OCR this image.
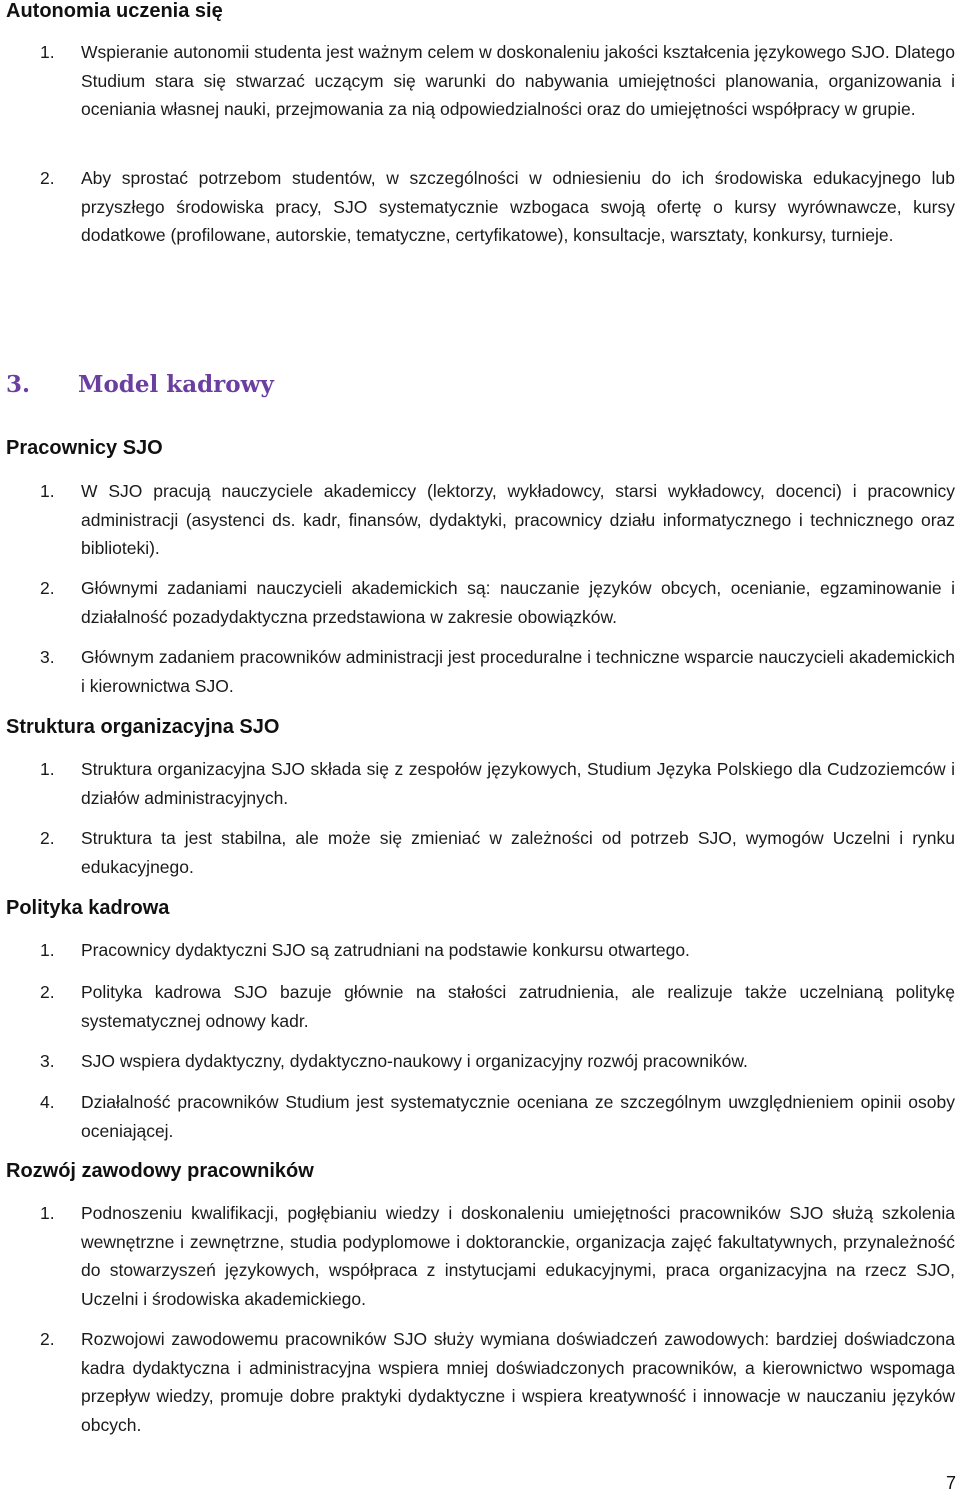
Autonomia uczenia się
1.	Wspieranie autonomii studenta jest ważnym celem w doskonaleniu jakości kształcenia językowego SJO. Dlatego Studium stara się stwarzać uczącym się warunki do nabywania umiejętności planowania, organizowania i oceniania własnej nauki, przejmowania za nią odpowiedzialności oraz do umiejętności współpracy w grupie.

2.	Aby sprostać potrzebom studentów, w szczególności w odniesieniu do ich środowiska edukacyjnego lub przyszłego środowiska pracy, SJO systematycznie wzbogaca swoją ofertę o kursy wyrównawcze, kursy dodatkowe (profilowane, autorskie, tematyczne, certyfikatowe), konsultacje, warsztaty, konkursy, turnieje.

3. Model kadrowy
Pracownicy SJO
1.	W SJO pracują nauczyciele akademiccy (lektorzy, wykładowcy, starsi wykładowcy, docenci) i pracownicy administracji (asystenci ds. kadr, finansów, dydaktyki, pracownicy działu informatycznego i technicznego oraz biblioteki).

2.	Głównymi zadaniami nauczycieli akademickich są: nauczanie języków obcych, ocenianie, egzaminowanie i działalność pozadydaktyczna przedstawiona w zakresie obowiązków.

3.	Głównym zadaniem pracowników administracji jest proceduralne i techniczne wsparcie nauczycieli akademickich i kierownictwa SJO.

Struktura organizacyjna SJO
1.	Struktura organizacyjna SJO składa się z zespołów językowych, Studium Języka Polskiego dla Cudzoziemców i działów administracyjnych.

2.	Struktura ta jest stabilna, ale może się zmieniać w zależności od potrzeb SJO, wymogów Uczelni i rynku edukacyjnego.

Polityka kadrowa
1.	Pracownicy dydaktyczni SJO są zatrudniani na podstawie konkursu otwartego.

2.	Polityka kadrowa SJO bazuje głównie na stałości zatrudnienia, ale realizuje także uczelnianą politykę systematycznej odnowy kadr.

3.	SJO wspiera dydaktyczny, dydaktyczno-naukowy i organizacyjny rozwój pracowników.

4.	Działalność pracowników Studium jest systematycznie oceniana ze szczególnym uwzględnieniem opinii osoby oceniającej.

Rozwój zawodowy pracowników
1.	Podnoszeniu kwalifikacji, pogłębianiu wiedzy i doskonaleniu umiejętności pracowników SJO służą szkolenia wewnętrzne i zewnętrzne, studia podyplomowe i doktoranckie, organizacja zajęć fakultatywnych, przynależność do stowarzyszeń językowych, współpraca z instytucjami edukacyjnymi, praca organizacyjna na rzecz SJO, Uczelni i środowiska akademickiego.

2.	Rozwojowi zawodowemu pracowników SJO służy wymiana doświadczeń zawodowych: bardziej doświadczona kadra dydaktyczna i administracyjna wspiera mniej doświadczonych pracowników, a kierownictwo wspomaga przepływ wiedzy, promuje dobre praktyki dydaktyczne i wspiera kreatywność i innowacje w nauczaniu języków obcych.

7
